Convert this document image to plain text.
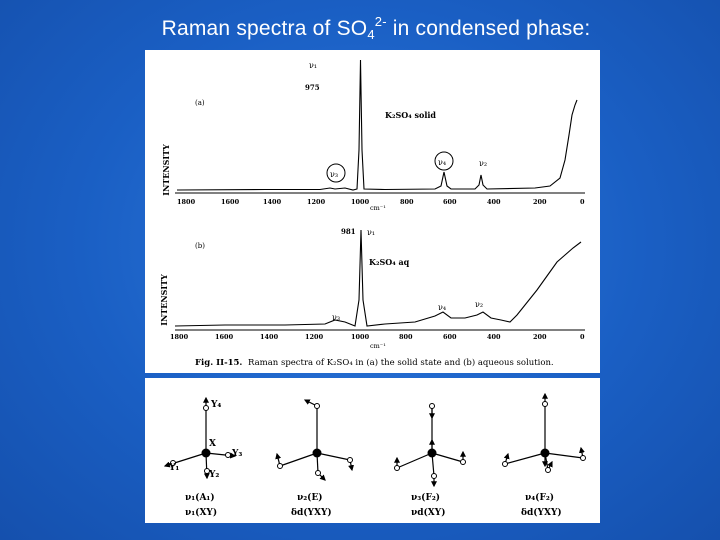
Raman spectra of $SO_4^{2-}$ in condensed phase:
ν₁
975
(a)
K₂SO₄ solid
INTENSITY	ν₃
ν₄	ν₂
1800	1600	1400	1200	1000	800	600	400	200	0
cm⁻¹
981 ν₁
(b)
K₂SO₄ aq
INTENSITY	ν₃
ν₄	ν₂
1800	1600	1400	1200	1000	800	600	400	200	0
cm⁻¹
Fig. II-15. Raman spectra of K₂SO₄ in (a) the solid state and (b) aqueous solution.
Y₄
X
Y₃
Y₁
Y₂
ν₁(A₁)
ν₁(XY)
ν₂(E)
δd(YXY)
ν₃(F₂)
νd(XY)
ν₄(F₂)
δd(YXY)
